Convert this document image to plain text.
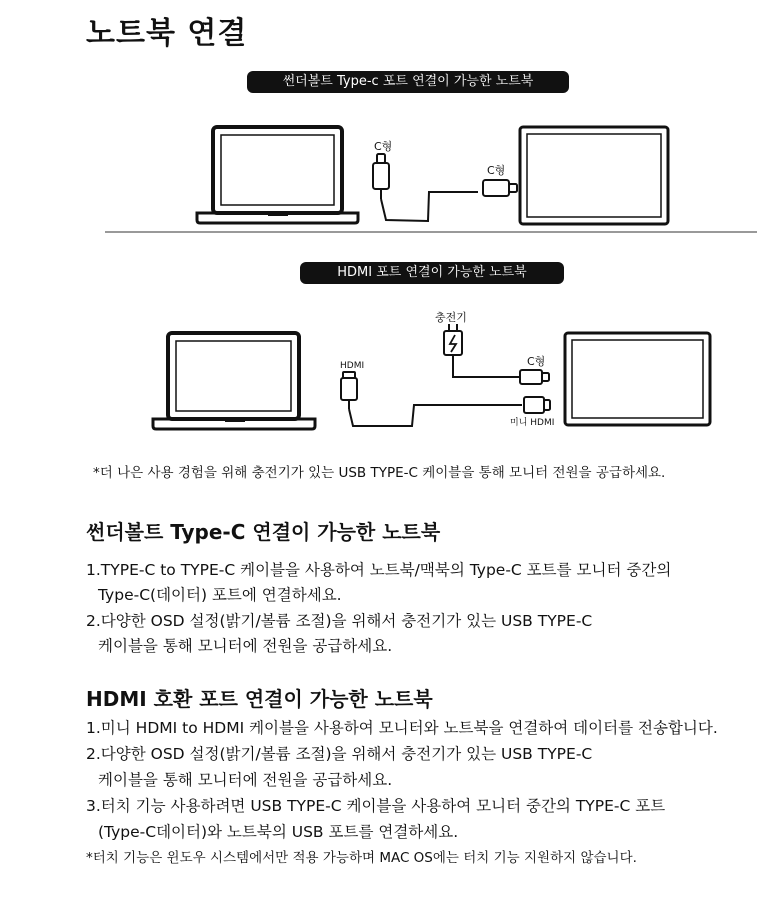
노트북 연결
썬더볼트 Type-c 포트 연결이 가능한 노트북
C형
C형
충전기
C형
HDMI
미니 HDMI
HDMI 포트 연결이 가능한 노트북
*더 나은 사용 경험을 위해 충전기가 있는 USB TYPE-C 케이블을 통해 모니터 전원을 공급하세요.
썬더볼트 Type-C 연결이 가능한 노트북
1.TYPE-C to TYPE-C 케이블을 사용하여 노트북/맥북의 Type-C 포트를 모니터 중간의
Type-C(데이터) 포트에 연결하세요.
2.다양한 OSD 설정(밝기/볼륨 조절)을 위해서 충전기가 있는 USB TYPE-C
케이블을 통해 모니터에 전원을 공급하세요.
HDMI 호환 포트 연결이 가능한 노트북
1.미니 HDMI to HDMI 케이블을 사용하여 모니터와 노트북을 연결하여 데이터를 전송합니다.
2.다양한 OSD 설정(밝기/볼륨 조절)을 위해서 충전기가 있는 USB TYPE-C
케이블을 통해 모니터에 전원을 공급하세요.
3.터치 기능 사용하려면 USB TYPE-C 케이블을 사용하여 모니터 중간의 TYPE-C 포트
(Type-C데이터)와 노트북의 USB 포트를 연결하세요.
*터치 기능은 윈도우 시스템에서만 적용 가능하며 MAC OS에는 터치 기능 지원하지 않습니다.
